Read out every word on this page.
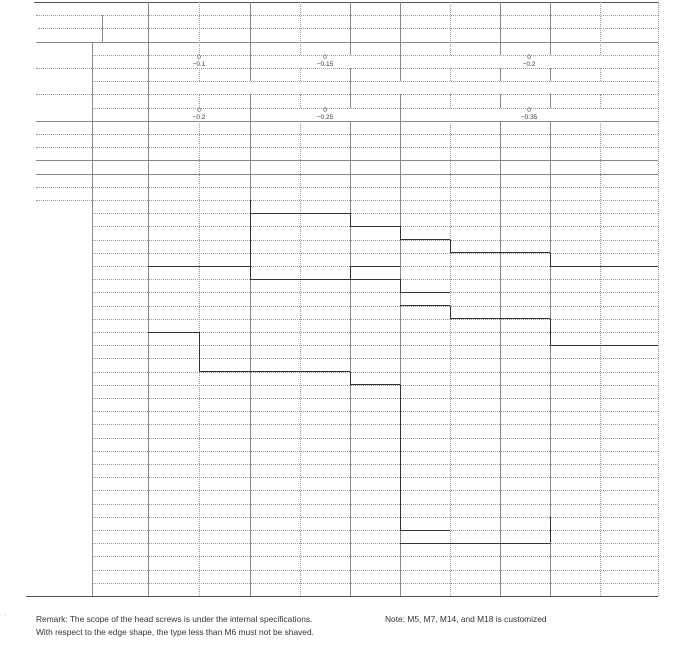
0
−0.1
0
−0.15
0
−0.2
0
−0.2
0
−0.25
0
−0.35
Remark: The scope of the head screws is under the internal specifications.
With respect to the edge shape, the type less than M6 must not be shaved.
Note: M5, M7, M14, and M18 is customized
·
